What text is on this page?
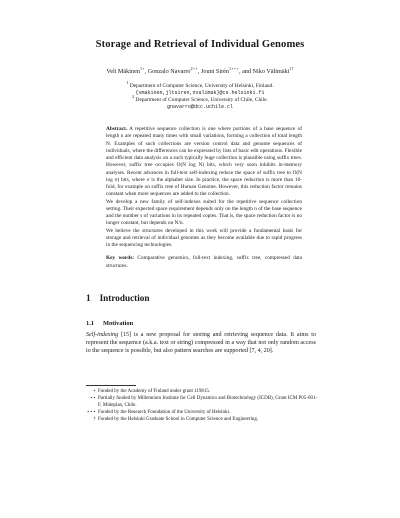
Storage and Retrieval of Individual Genomes
Veli Mäkinen$^{1⋆}$, Gonzalo Navarro$^{2⋆⋆}$, Jouni Sirén$^{1⋆⋆⋆}$, and Niko Välimäki$^{1\dagger}$
$^1$ Department of Computer Science, University of Helsinki, Finland.
{vmakinen,jltsiren,nvalimak}@cs.helsinki.fi
$^2$ Department of Computer Science, University of Chile, Chile.
gnavarro@dcc.uchile.cl

Abstract. A repetitive sequence collection is one where portions of a base sequence of length n are repeated many times with small variations, forming a collection of total length N. Examples of such collections are version control data and genome sequences of individuals, where the differences can be expressed by lists of basic edit operations. Flexible and efficient data analysis on a such typically huge collection is plausible using suffix trees. However, suffix tree occupies O(N log N) bits, which very soon inhibits in-memory analyses. Recent advances in full-text self-indexing reduce the space of suffix tree to O(N log σ) bits, where σ is the alphabet size. In practice, the space reduction is more than 10-fold, for example on suffix tree of Human Genome. However, this reduction factor remains constant when more sequences are added to the collection.

We develop a new family of self-indexes suited for the repetitive sequence collection setting. Their expected space requirement depends only on the length n of the base sequence and the number s of variations in its repeated copies. That is, the space reduction factor is no longer constant, but depends on N/n.

We believe the structures developed in this work will provide a fundamental basis for storage and retrieval of individual genomes as they become available due to rapid progress in the sequencing technologies.

Key words: Comparative genomics, full-text indexing, suffix tree, compressed data structures.

1 Introduction
1.1 Motivation

Self-indexing [15] is a new proposal for storing and retrieving sequence data. It aims to represent the sequence (a.k.a. text or string) compressed in a way that not only random access to the sequence is possible, but also pattern searches are supported [7, 4, 20].

⋆ Funded by the Academy of Finland under grant 119815.
⋆⋆ Partially funded by Millennium Institute for Cell Dynamics and Biotechnology (ICDB), Grant ICM P05-001-F, Mideplan, Chile.
⋆⋆⋆ Funded by the Research Foundation of the University of Helsinki.
† Funded by the Helsinki Graduate School in Computer Science and Engineering.
